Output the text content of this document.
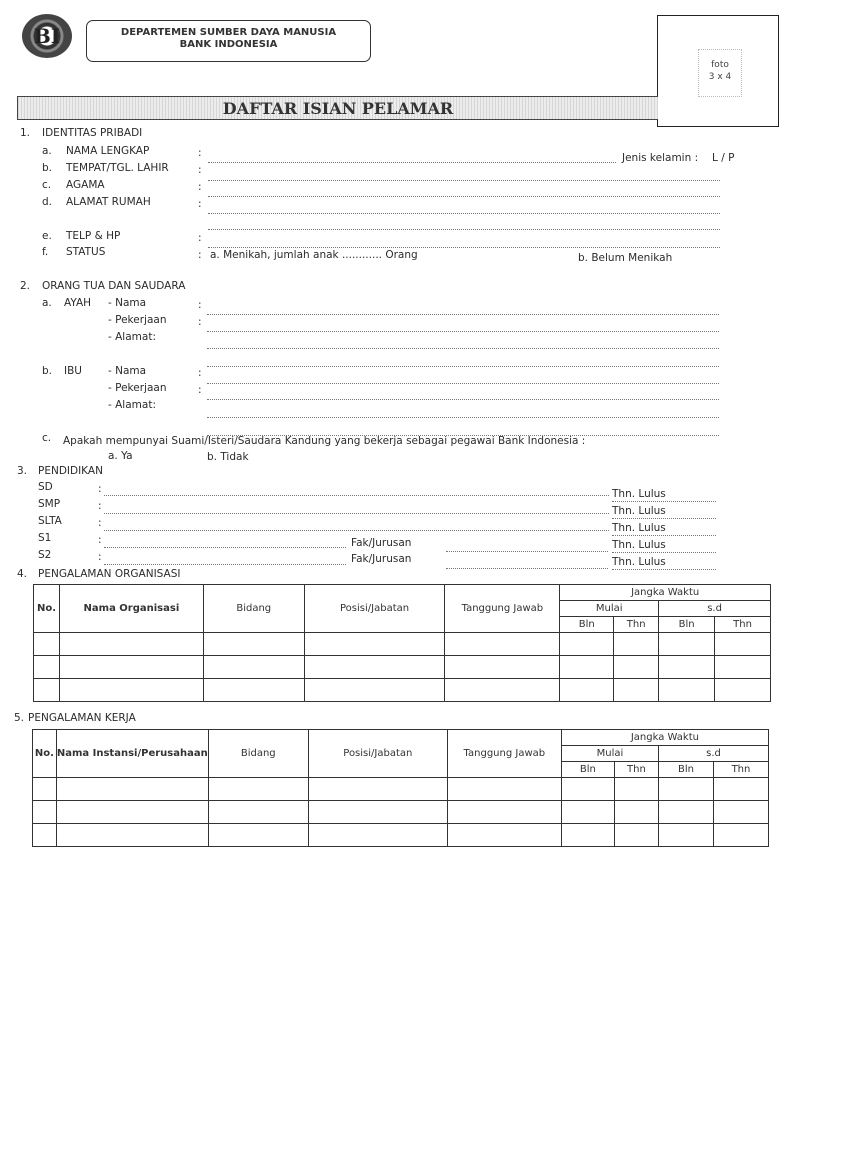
BI	DEPARTEMEN SUMBER DAYA MANUSIA
BANK INDONESIA
foto
3 x 4
DAFTAR ISIAN PELAMAR
1. IDENTITAS PRIBADI
a. NAMA LENGKAP	:	Jenis kelamin : L / P
b. TEMPAT/TGL. LAHIR	:
c. AGAMA	:
d. ALAMAT RUMAH	:
e. TELP & HP	:
f. STATUS	: a. Menikah, jumlah anak ............ Orang	b. Belum Menikah
2. ORANG TUA DAN SAUDARA
a. AYAH - Nama	:
- Pekerjaan	:
- Alamat:
b. IBU - Nama	:
- Pekerjaan	:
- Alamat:
c. Apakah mempunyai Suami/Isteri/Saudara Kandung yang bekerja sebagai pegawai Bank Indonesia :
a. Ya	b. Tidak
3. PENDIDIKAN
SD	:	Thn. Lulus
SMP	:	Thn. Lulus
SLTA	:	Thn. Lulus
S1	:	Fak/Jurusan	Thn. Lulus
S2	:	Fak/Jurusan	Thn. Lulus
4. PENGALAMAN ORGANISASI
No.	Nama Organisasi	Bidang	Posisi/Jabatan	Tanggung Jawab	Jangka Waktu			
					Mulai		s.d	
					Bln	Thn	Bln	Thn

5. PENGALAMAN KERJA
No.	Nama Instansi/Perusahaan	Bidang	Posisi/Jabatan	Tanggung Jawab	Jangka Waktu			
					Mulai		s.d	
					Bln	Thn	Bln	Thn
